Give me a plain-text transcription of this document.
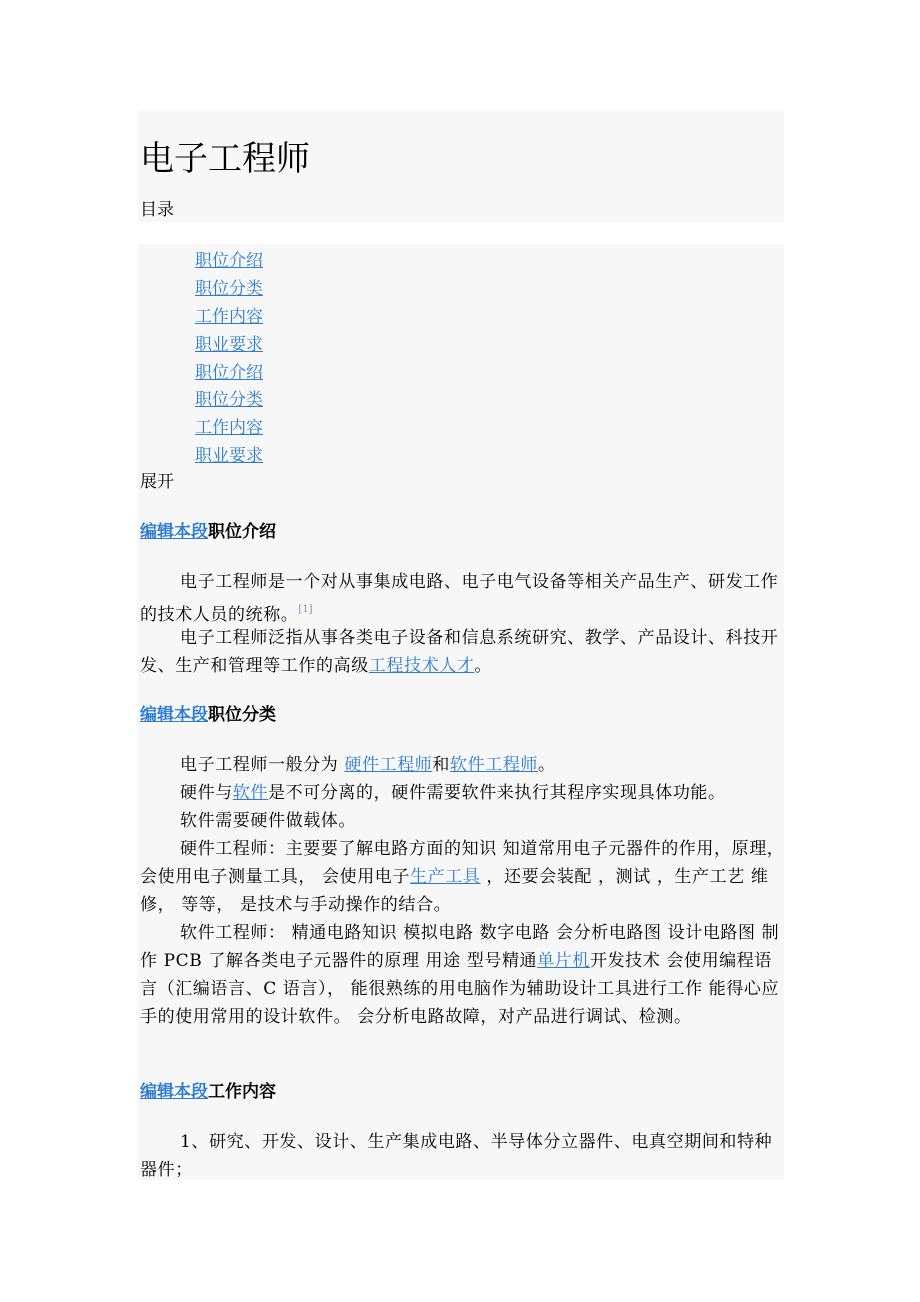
电子工程师
目录
职位介绍
职位分类
工作内容
职业要求
职位介绍
职位分类
工作内容
职业要求
展开
编辑本段职位介绍

电子工程师是一个对从事集成电路、电子电气设备等相关产品生产、研发工作的技术人员的统称。[1]

电子工程师泛指从事各类电子设备和信息系统研究、教学、产品设计、科技开发、生产和管理等工作的高级工程技术人才。

编辑本段职位分类

电子工程师一般分为 硬件工程师和软件工程师。

硬件与软件是不可分离的，硬件需要软件来执行其程序实现具体功能。

软件需要硬件做载体。

硬件工程师：主要要了解电路方面的知识 知道常用电子元器件的作用，原理， 会使用电子测量工具， 会使用电子生产工具 ，还要会装配 ，测试 ，生产工艺 维修， 等等， 是技术与手动操作的结合。

软件工程师： 精通电路知识 模拟电路 数字电路 会分析电路图 设计电路图 制作 PCB 了解各类电子元器件的原理 用途 型号精通单片机开发技术 会使用编程语言（汇编语言、C 语言）， 能很熟练的用电脑作为辅助设计工具进行工作 能得心应手的使用常用的设计软件。 会分析电路故障，对产品进行调试、检测。

编辑本段工作内容

1、研究、开发、设计、生产集成电路、半导体分立器件、电真空期间和特种器件；
